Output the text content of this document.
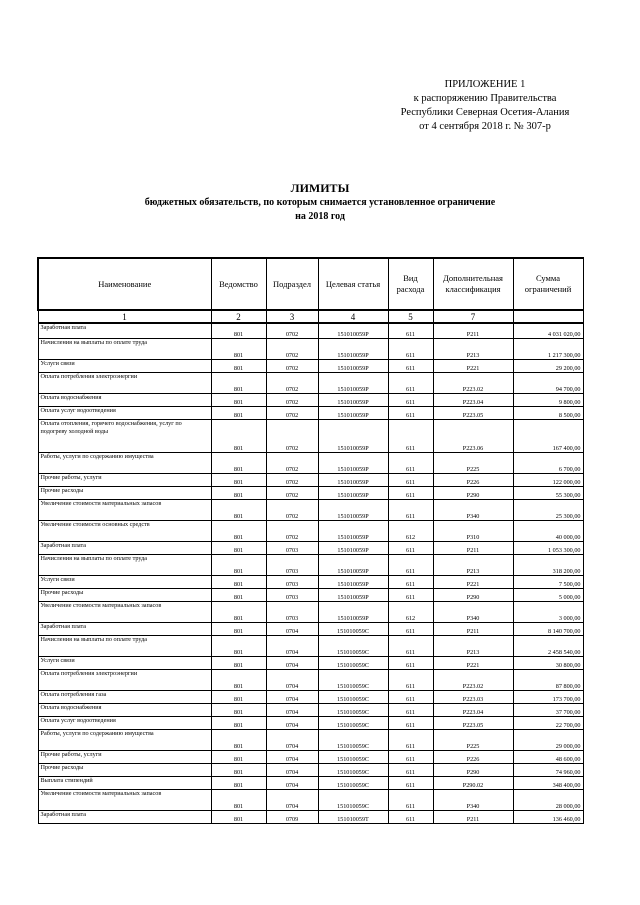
ПРИЛОЖЕНИЕ 1
к распоряжению Правительства
Республики Северная Осетия-Алания
от 4 сентября 2018 г. № 307-р
ЛИМИТЫ
бюджетных обязательств, по которым снимается установленное ограничение
на 2018 год
Наименование	Ведомство	Подраздел	Целевая статья	Вид расхода	Дополнительная классификация	Сумма ограничений
1	2	3	4	5	7	
Заработная плата	801	0702	151010059Р	611	Р211	4 031 020,00
Начисления на выплаты по оплате труда	801	0702	151010059Р	611	Р213	1 217 300,00
Услуги связи	801	0702	151010059Р	611	Р221	29 200,00
Оплата потребления электроэнергии	801	0702	151010059Р	611	Р223.02	94 700,00
Оплата водоснабжения	801	0702	151010059Р	611	Р223.04	9 800,00
Оплата услуг водоотведения	801	0702	151010059Р	611	Р223.05	8 500,00
Оплата отопления, горячего водоснабжения, услуг по подогреву холодной воды	801	0702	151010059Р	611	Р223.06	167 400,00
Работы, услуги по содержанию имущества	801	0702	151010059Р	611	Р225	6 700,00
Прочие работы, услуги	801	0702	151010059Р	611	Р226	122 000,00
Прочие расходы	801	0702	151010059Р	611	Р290	55 300,00
Увеличение стоимости материальных запасов	801	0702	151010059Р	611	Р340	25 300,00
Увеличение стоимости основных средств	801	0702	151010059Р	612	Р310	40 000,00
Заработная плата	801	0703	151010059Р	611	Р211	1 053 300,00
Начисления на выплаты по оплате труда	801	0703	151010059Р	611	Р213	318 200,00
Услуги связи	801	0703	151010059Р	611	Р221	7 500,00
Прочие расходы	801	0703	151010059Р	611	Р290	5 000,00
Увеличение стоимости материальных запасов	801	0703	151010059Р	612	Р340	3 000,00
Заработная плата	801	0704	151010059С	611	Р211	8 140 700,00
Начисления на выплаты по оплате труда	801	0704	151010059С	611	Р213	2 458 540,00
Услуги связи	801	0704	151010059С	611	Р221	30 800,00
Оплата потребления электроэнергии	801	0704	151010059С	611	Р223.02	87 800,00
Оплата потребления газа	801	0704	151010059С	611	Р223.03	173 700,00
Оплата водоснабжения	801	0704	151010059С	611	Р223.04	37 700,00
Оплата услуг водоотведения	801	0704	151010059С	611	Р223.05	22 700,00
Работы, услуги по содержанию имущества	801	0704	151010059С	611	Р225	29 000,00
Прочие работы, услуги	801	0704	151010059С	611	Р226	48 600,00
Прочие расходы	801	0704	151010059С	611	Р290	74 960,00
Выплата стипендий	801	0704	151010059С	611	Р290.02	348 400,00
Увеличение стоимости материальных запасов	801	0704	151010059С	611	Р340	28 000,00
Заработная плата	801	0709	151010059Т	611	Р211	136 460,00
